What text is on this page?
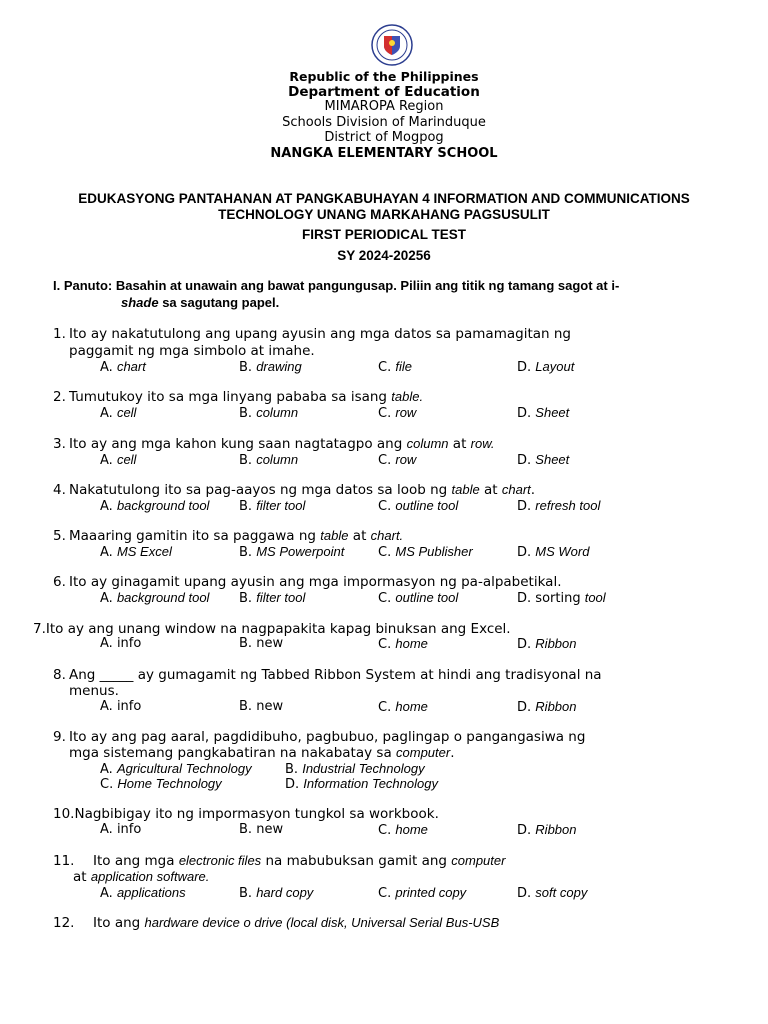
Republic of the Philippines
Department of Education
MIMAROPA Region
Schools Division of Marinduque
District of Mogpog
NANGKA ELEMENTARY SCHOOL
EDUKASYONG PANTAHANAN AT PANGKABUHAYAN 4 INFORMATION AND COMMUNICATIONS
TECHNOLOGY UNANG MARKAHANG PAGSUSULIT
FIRST PERIODICAL TEST
SY 2024-20256
I. Panuto: Basahin at unawain ang bawat pangungusap. Piliin ang titik ng tamang sagot at i-
shade sa sagutang papel.
1. Ito ay nakatutulong ang upang ayusin ang mga datos sa pamamagitan ng
paggamit ng mga simbolo at imahe.
A. chart	B. drawing	C. file	D. Layout
2. Tumutukoy ito sa mga linyang pababa sa isang table.
A. cell	B. column	C. row	D. Sheet
3. Ito ay ang mga kahon kung saan nagtatagpo ang column at row.
A. cell	B. column	C. row	D. Sheet
4. Nakatutulong ito sa pag-aayos ng mga datos sa loob ng table at chart.
A. background tool B. filter tool	C. outline tool	D. refresh tool
5. Maaaring gamitin ito sa paggawa ng table at chart.
A. MS Excel	B. MS Powerpoint	C. MS Publisher	D. MS Word
6. Ito ay ginagamit upang ayusin ang mga impormasyon ng pa-alpabetikal.
A. background tool B. filter tool	C. outline tool	D. sorting tool
7.Ito ay ang unang window na nagpapakita kapag binuksan ang Excel.
A. info	B. new	C. home	D. Ribbon
8. Ang _____ ay gumagamit ng Tabbed Ribbon System at hindi ang tradisyonal na
menus.
A. info	B. new	C. home	D. Ribbon
9. Ito ay ang pag aaral, pagdidibuho, pagbubuo, paglingap o pangangasiwa ng
mga sistemang pangkabatiran na nakabatay sa computer.
A. Agricultural Technology	B. Industrial Technology
C. Home Technology	D. Information Technology
10.Nagbibigay ito ng impormasyon tungkol sa workbook.
A. info	B. new	C. home	D. Ribbon
11. Ito ang mga electronic files na mabubuksan gamit ang computer
at application software.
A. applications	B. hard copy	C. printed copy	D. soft copy
12. Ito ang hardware device o drive (local disk, Universal Serial Bus-USB
